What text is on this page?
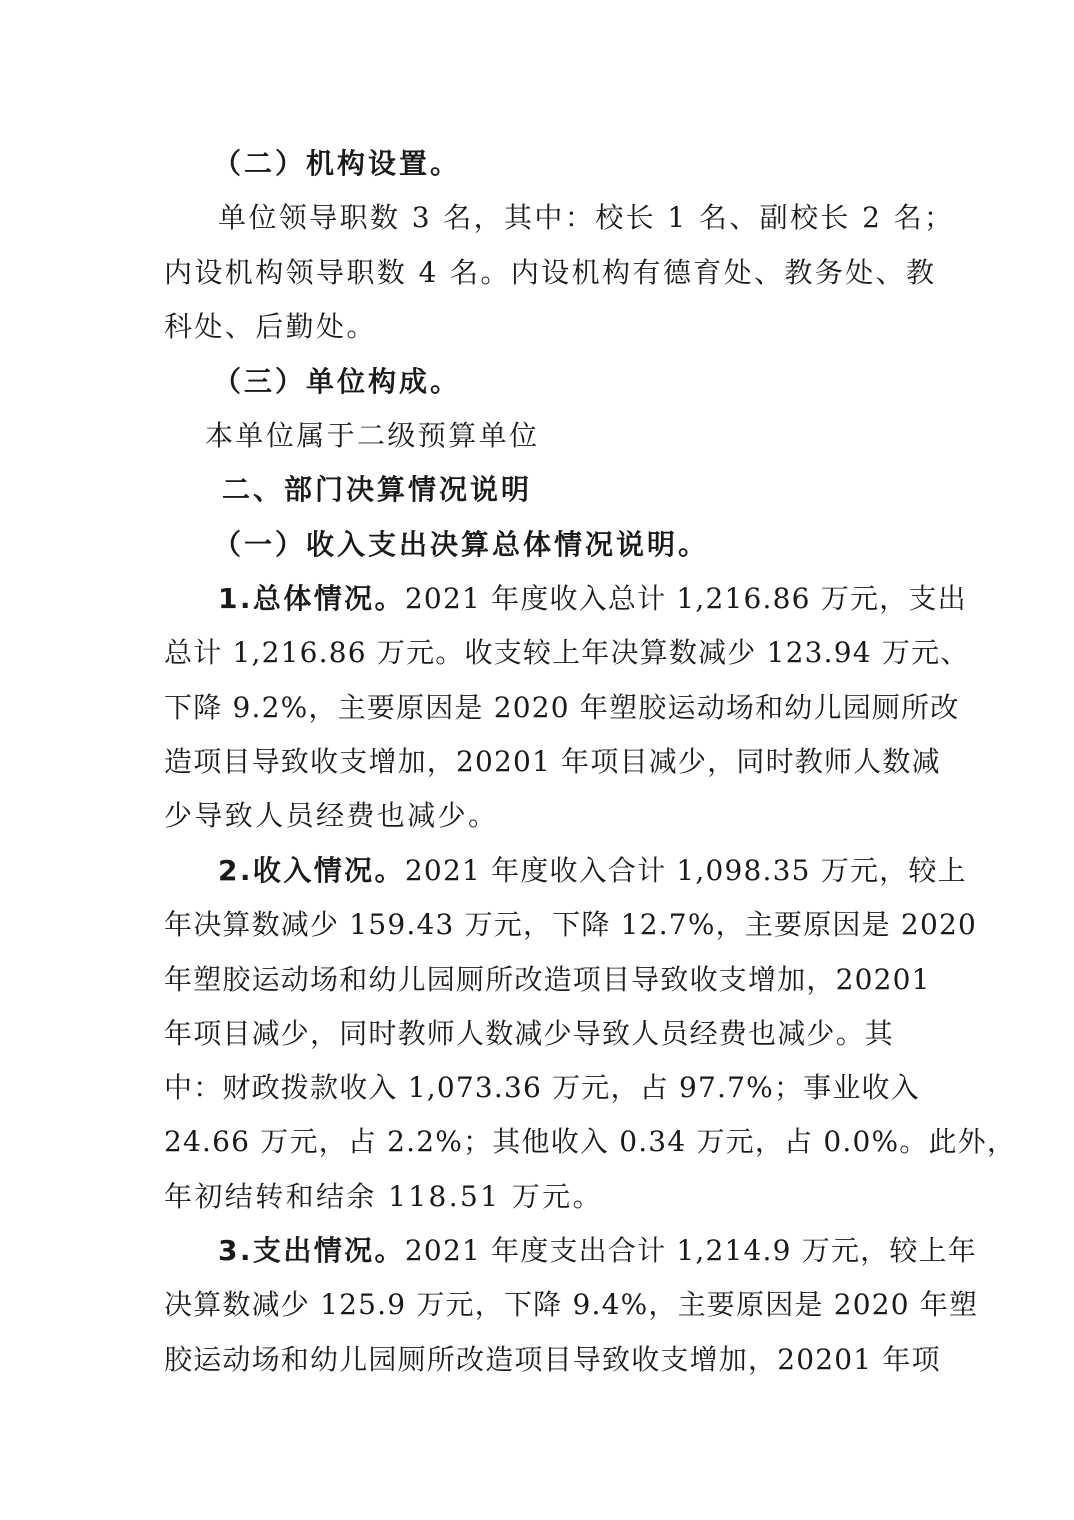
（二）机构设置。
单位领导职数 3 名，其中：校长 1 名、副校长 2 名；
内设机构领导职数 4 名。内设机构有德育处、教务处、教
科处、后勤处。
（三）单位构成。
本单位属于二级预算单位
二、部门决算情况说明
（一）收入支出决算总体情况说明。
1.总体情况。2021 年度收入总计 1,216.86 万元，支出
总计 1,216.86 万元。收支较上年决算数减少 123.94 万元、
下降 9.2%，主要原因是 2020 年塑胶运动场和幼儿园厕所改
造项目导致收支增加，20201 年项目减少，同时教师人数减
少导致人员经费也减少。
2.收入情况。2021 年度收入合计 1,098.35 万元，较上
年决算数减少 159.43 万元，下降 12.7%，主要原因是 2020
年塑胶运动场和幼儿园厕所改造项目导致收支增加，20201
年项目减少，同时教师人数减少导致人员经费也减少。其
中：财政拨款收入 1,073.36 万元，占 97.7%；事业收入
24.66 万元，占 2.2%；其他收入 0.34 万元，占 0.0%。此外，
年初结转和结余 118.51 万元。
3.支出情况。2021 年度支出合计 1,214.9 万元，较上年
决算数减少 125.9 万元，下降 9.4%，主要原因是 2020 年塑
胶运动场和幼儿园厕所改造项目导致收支增加，20201 年项
